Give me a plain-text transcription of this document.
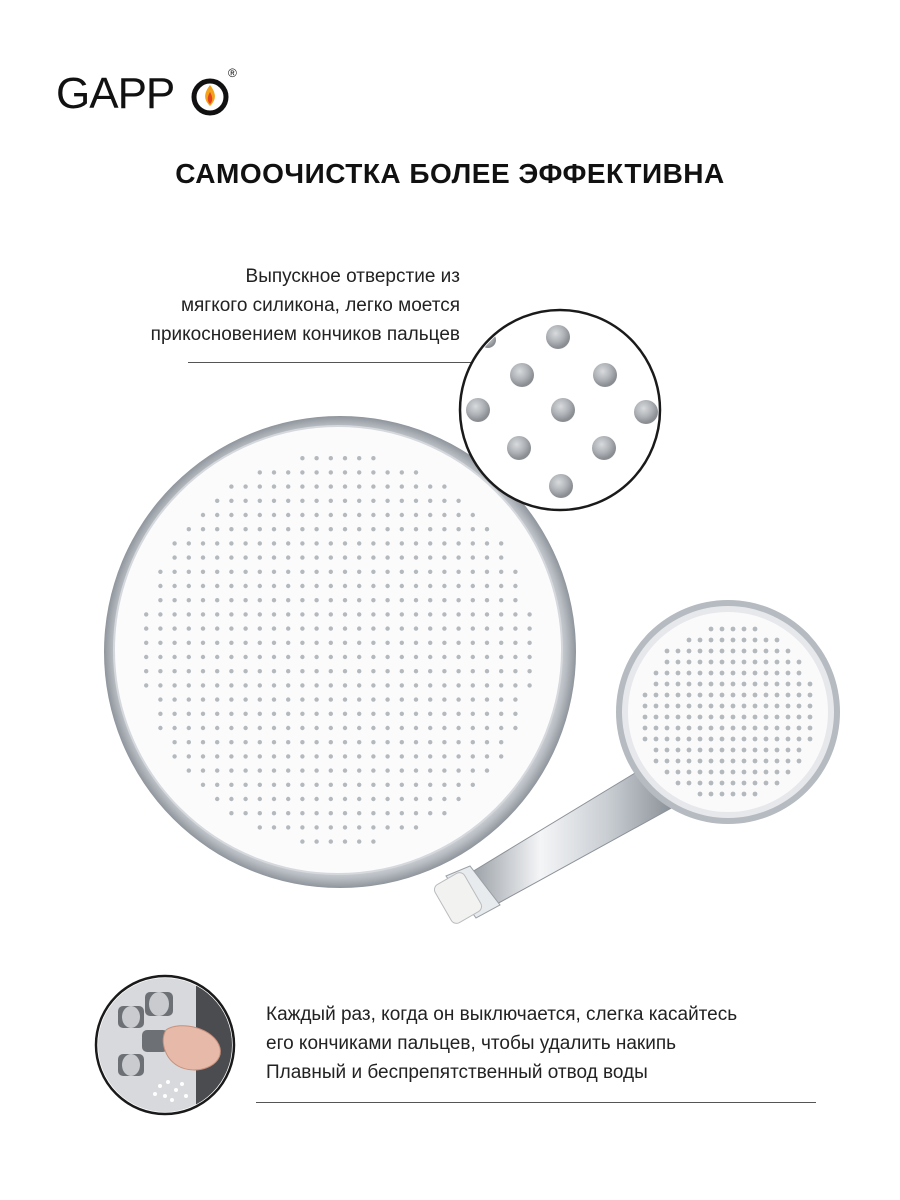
GAPP	®
САМООЧИСТКА БОЛЕЕ ЭФФЕКТИВНА
Выпускное отверстие из
мягкого силикона, легко моется
прикосновением кончиков пальцев
Каждый раз, когда он выключается, слегка касайтесь
его кончиками пальцев, чтобы удалить накипь
Плавный и беспрепятственный отвод воды
